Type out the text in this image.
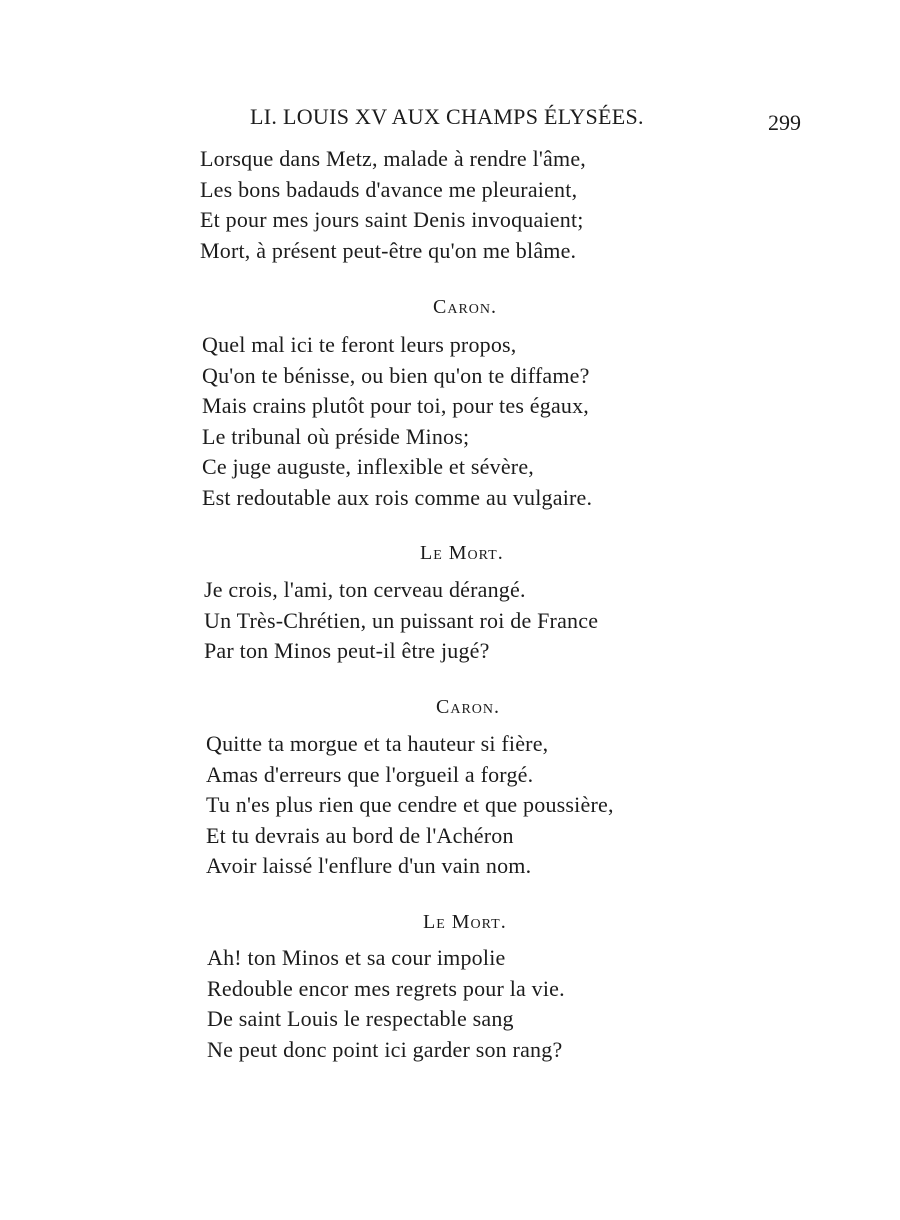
LI. LOUIS XV AUX CHAMPS ÉLYSÉES.	299
Lorsque dans Metz, malade à rendre l'âme,
Les bons badauds d'avance me pleuraient,
Et pour mes jours saint Denis invoquaient;
Mort, à présent peut-être qu'on me blâme.
Caron.
Quel mal ici te feront leurs propos,
Qu'on te bénisse, ou bien qu'on te diffame?
Mais crains plutôt pour toi, pour tes égaux,
Le tribunal où préside Minos;
Ce juge auguste, inflexible et sévère,
Est redoutable aux rois comme au vulgaire.
Le Mort.
Je crois, l'ami, ton cerveau dérangé.
Un Très-Chrétien, un puissant roi de France
Par ton Minos peut-il être jugé?
Caron.
Quitte ta morgue et ta hauteur si fière,
Amas d'erreurs que l'orgueil a forgé.
Tu n'es plus rien que cendre et que poussière,
Et tu devrais au bord de l'Achéron
Avoir laissé l'enflure d'un vain nom.
Le Mort.
Ah! ton Minos et sa cour impolie
Redouble encor mes regrets pour la vie.
De saint Louis le respectable sang
Ne peut donc point ici garder son rang?
